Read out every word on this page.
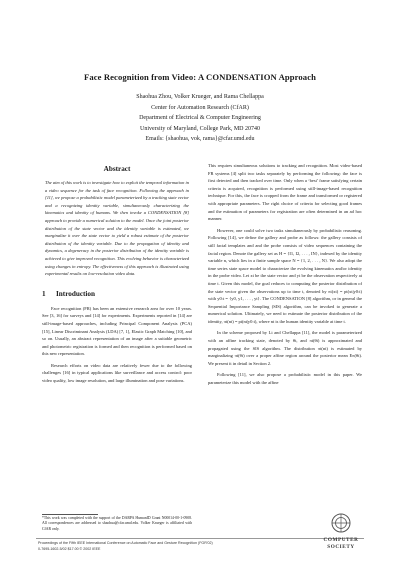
Face Recognition from Video: A CONDENSATION Approach
Shaohua Zhou, Volker Krueger, and Rama Chellappa
Center for Automation Research (CfAR)
Department of Electrical & Computer Engineering
University of Maryland, College Park, MD 20740
Emails: {shaohua, vok, rama}@cfar.umd.edu
Abstract
The aim of this work is to investigate how to exploit the temporal information in a video sequence for the task of face recognition. Following the approach in [11], we propose a probabilistic model parameterized by a tracking state vector and a recognizing identity variable, simultaneously characterizing the kinematics and identity of humans. We then invoke a CONDENSATION [8] approach to provide a numerical solution to the model. Once the joint posterior distribution of the state vector and the identity variable is estimated, we marginalize it over the state vector to yield a robust estimate of the posterior distribution of the identity variable. Due to the propagation of identity and dynamics, a degeneracy in the posterior distribution of the identity variable is achieved to give improved recognition. This evolving behavior is characterized using changes in entropy. The effectiveness of this approach is illustrated using experimental results on low-resolution video data.
1 Introduction

Face recognition (FR) has been an extensive research area for over 10 years. See [3, 16] for surveys and [14] for experiments. Experiments reported in [14] are still-image-based approaches, including Principal Component Analysis (PCA) [15], Linear Discriminant Analysis (LDA) [7, 1], Elastic Graph Matching [10], and so on. Usually, an abstract representation of an image after a suitable geometric and photometric registration is formed and then recognition is performed based on this new representation.

Research efforts on video data are relatively fewer due to the following challenges [16] in typical applications like surveillance and access control: poor video quality, low image resolution, and large illumination and pose variations.

*This work was completed with the support of the DARPA HumanID Grant N00014-00-1-0908. All correspondences are addressed to shaohua@cfar.umd.edu. Volker Krueger is affiliated with CfAR only.

This requires simultaneous solutions to tracking and recognition. Most video-based FR systems [4] split two tasks separately by performing the following: the face is first detected and then tracked over time. Only when a ‘best’ frame satisfying certain criteria is acquired, recognition is performed using still-image-based recognition technique. For this, the face is cropped from the frame and transformed or registered with appropriate parameters. The right choice of criteria for selecting good frames and the estimation of parameters for registration are often determined in an ad hoc manner.

However, one could solve two tasks simultaneously by probabilistic reasoning. Following [14], we define the gallery and probe as follows: the gallery consists of still facial templates and and the probe consists of video sequences containing the facial region. Denote the gallery set as H = {I1, I2, . . . , IN}, indexed by the identity variable n, which lies in a finite sample space N = {1, 2, . . . , N}. We also adopt the time series state space model to characterize the evolving kinematics and/or identity in the probe video. Let xt be the state vector and yt be the observation respectively at time t. Given this model, the goal reduces to computing the posterior distribution of the state vector given the observations up to time t, denoted by πt(xt) = pt(xt|y0:t) with y0:t = {y0, y1, . . . , yt}. The CONDENSATION [8] algorithm, or in general the Sequential Importance Sampling (SIS) algorithm, can be invoked to generate a numerical solution. Ultimately, we need to estimate the posterior distribution of the identity, πt(nt) = pt(nt|y0:t), where nt is the human identity variable at time t.

In the scheme proposed by Li and Chellappa [11], the model is parameterized with an affine tracking state, denoted by θt, and πt(θt) is approximated and propagated using the SIS algorithm. The distribution πt(nt) is estimated by marginalizing πt(θt) over a proper affine region around the posterior mean Eπ(θt). We present it in detail in Section 2.

Following [11], we also propose a probabilistic model in this paper. We parameterize this model with the affine

Proceedings of the Fifth IEEE International Conference on Automatic Face and Gesture Recognition (FGR'02)
0-7695-1602-5/02 $17.00 © 2002 IEEE
COMPUTER
SOCIETY
